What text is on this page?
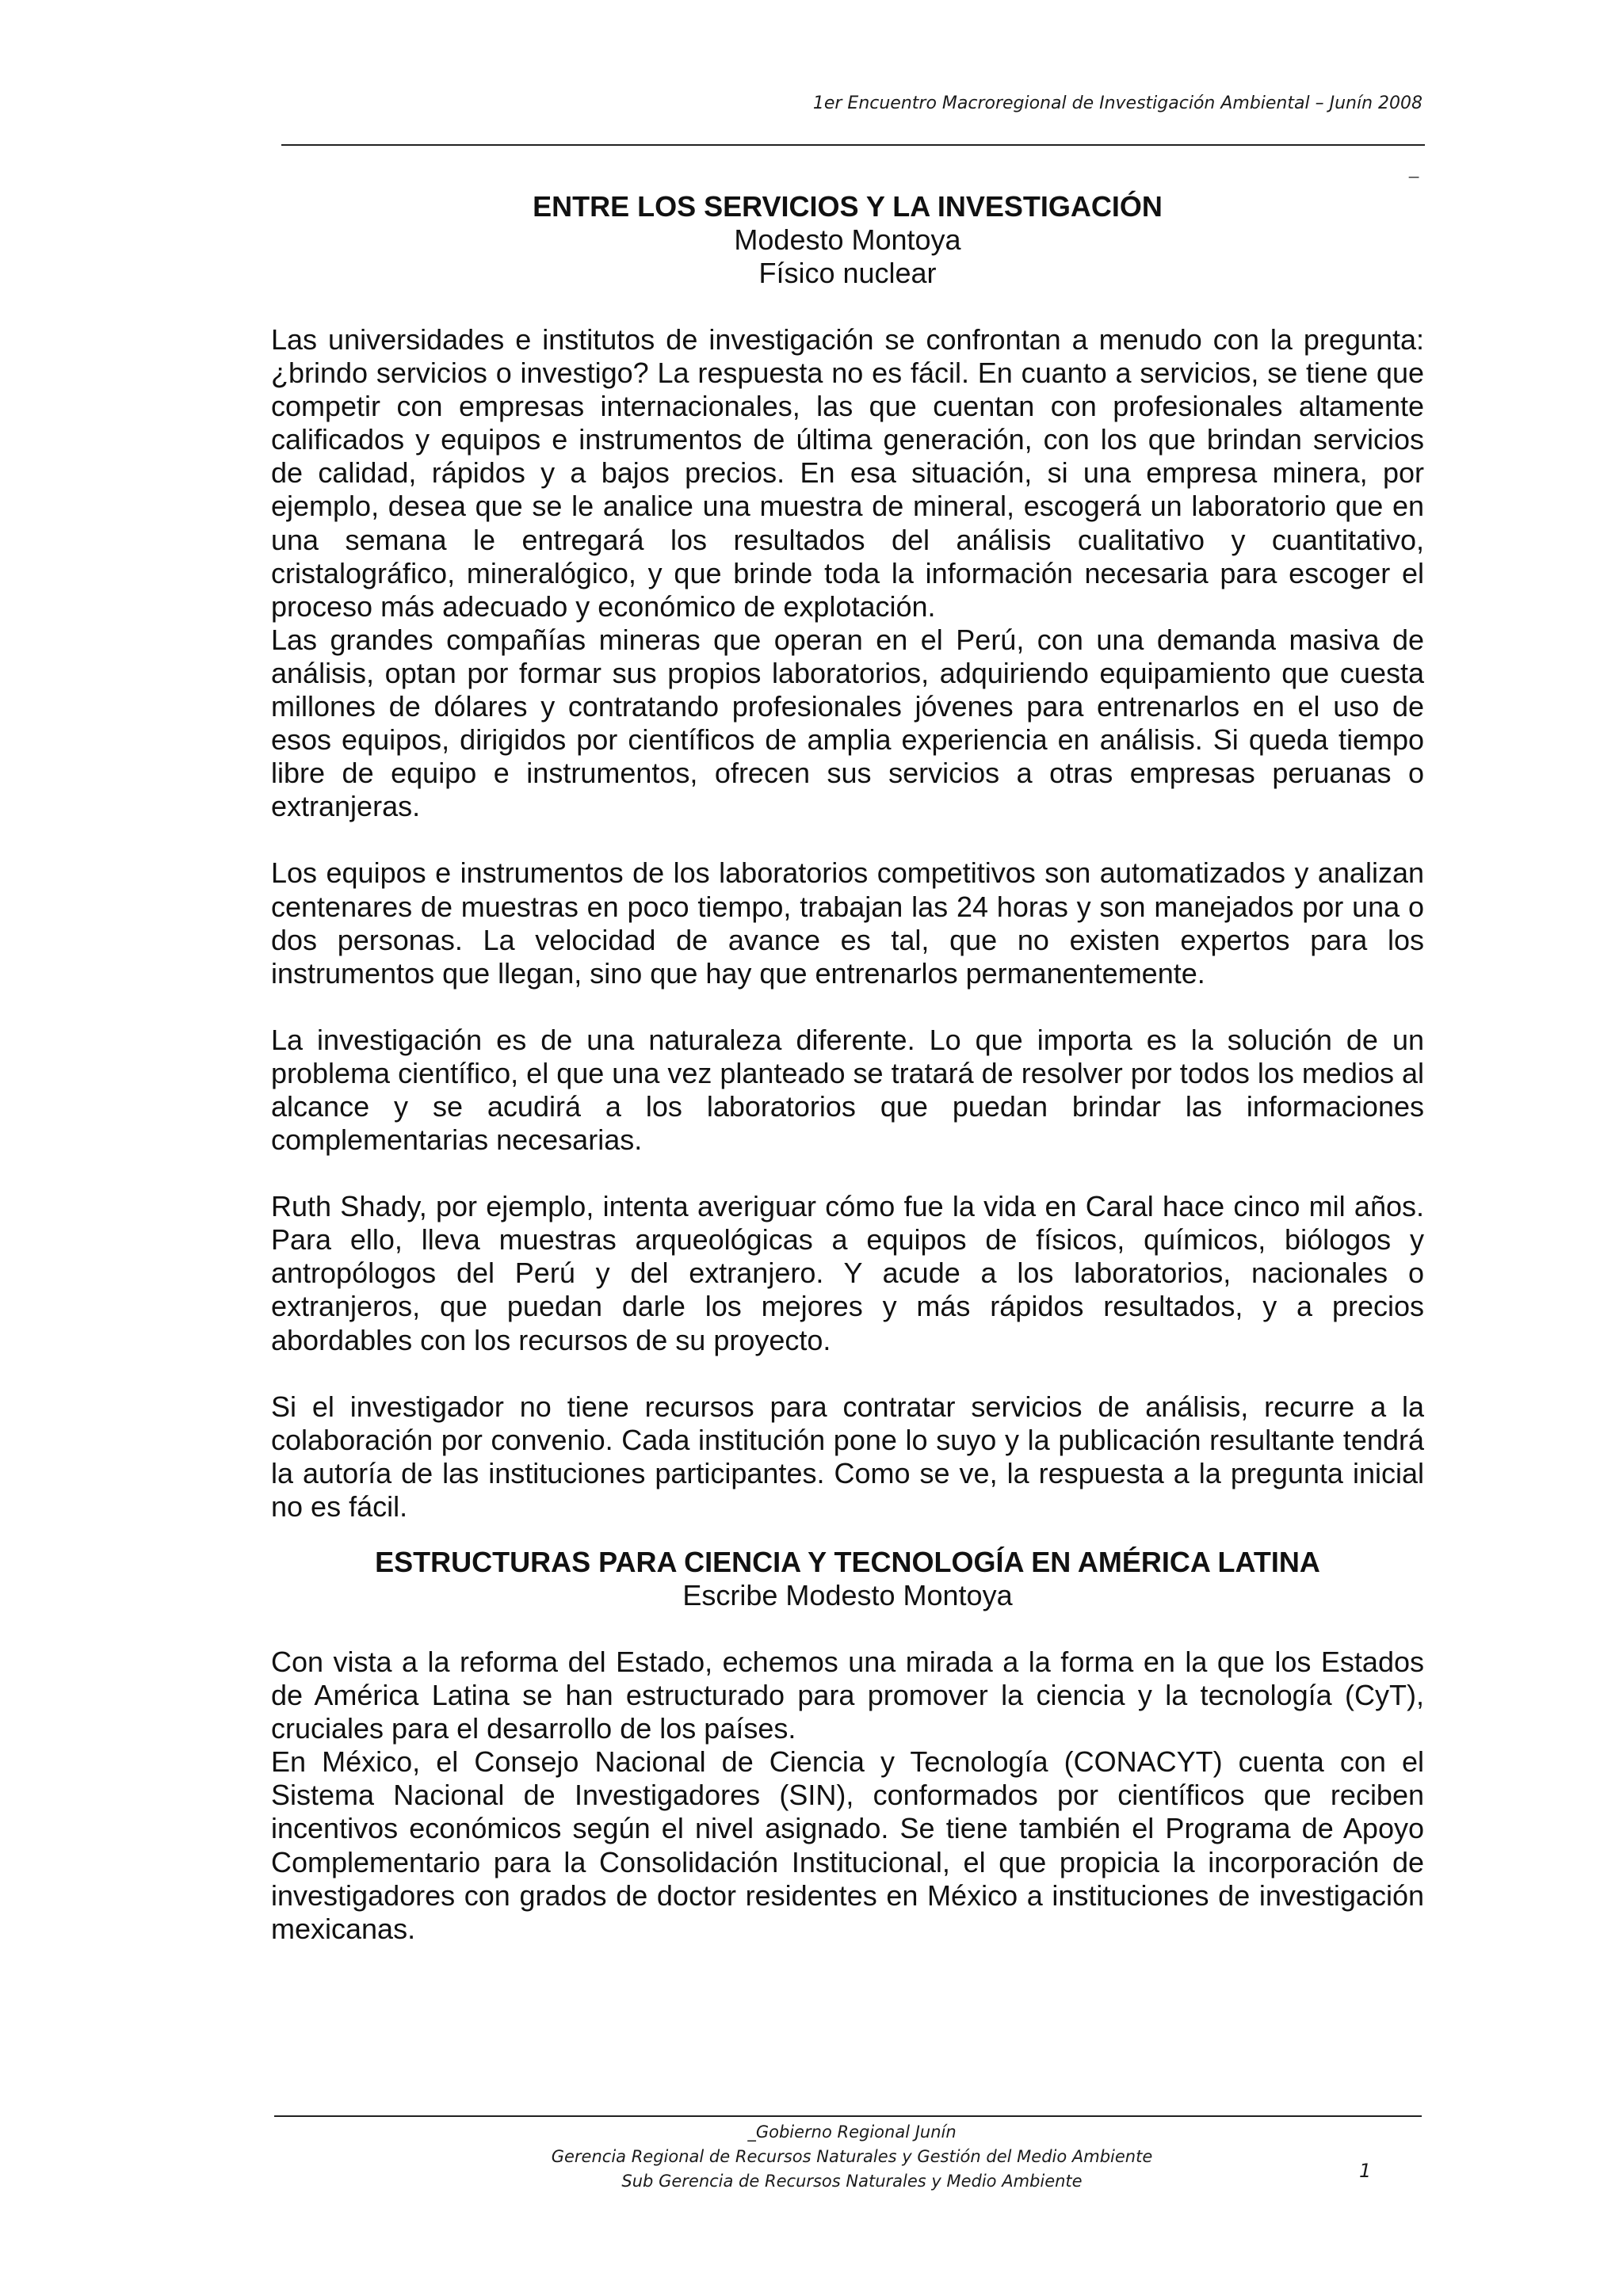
1er Encuentro Macroregional de Investigación Ambiental – Junín 2008
_
ENTRE LOS SERVICIOS Y LA INVESTIGACIÓN
Modesto Montoya
Físico nuclear

Las universidades e institutos de investigación se confrontan a menudo con la pregunta: ¿brindo servicios o investigo? La respuesta no es fácil. En cuanto a servicios, se tiene que competir con empresas internacionales, las que cuentan con profesionales altamente calificados y equipos e instrumentos de última generación, con los que brindan servicios de calidad, rápidos y a bajos precios. En esa situación, si una empresa minera, por ejemplo, desea que se le analice una muestra de mineral, escogerá un laboratorio que en una semana le entregará los resultados del análisis cualitativo y cuantitativo, cristalográfico, mineralógico, y que brinde toda la información necesaria para escoger el proceso más adecuado y económico de explotación.

Las grandes compañías mineras que operan en el Perú, con una demanda masiva de análisis, optan por formar sus propios laboratorios, adquiriendo equipamiento que cuesta millones de dólares y contratando profesionales jóvenes para entrenarlos en el uso de esos equipos, dirigidos por científicos de amplia experiencia en análisis. Si queda tiempo libre de equipo e instrumentos, ofrecen sus servicios a otras empresas peruanas o extranjeras.

Los equipos e instrumentos de los laboratorios competitivos son automatizados y analizan centenares de muestras en poco tiempo, trabajan las 24 horas y son manejados por una o dos personas. La velocidad de avance es tal, que no existen expertos para los instrumentos que llegan, sino que hay que entrenarlos permanentemente.

La investigación es de una naturaleza diferente. Lo que importa es la solución de un problema científico, el que una vez planteado se tratará de resolver por todos los medios al alcance y se acudirá a los laboratorios que puedan brindar las informaciones complementarias necesarias.

Ruth Shady, por ejemplo, intenta averiguar cómo fue la vida en Caral hace cinco mil años. Para ello, lleva muestras arqueológicas a equipos de físicos, químicos, biólogos y antropólogos del Perú y del extranjero. Y acude a los laboratorios, nacionales o extranjeros, que puedan darle los mejores y más rápidos resultados, y a precios abordables con los recursos de su proyecto.

Si el investigador no tiene recursos para contratar servicios de análisis, recurre a la colaboración por convenio. Cada institución pone lo suyo y la publicación resultante tendrá la autoría de las instituciones participantes. Como se ve, la respuesta a la pregunta inicial no es fácil.

ESTRUCTURAS PARA CIENCIA Y TECNOLOGÍA EN AMÉRICA LATINA
Escribe Modesto Montoya

Con vista a la reforma del Estado, echemos una mirada a la forma en la que los Estados de América Latina se han estructurado para promover la ciencia y la tecnología (CyT), cruciales para el desarrollo de los países.

En México, el Consejo Nacional de Ciencia y Tecnología (CONACYT) cuenta con el Sistema Nacional de Investigadores (SIN), conformados por científicos que reciben incentivos económicos según el nivel asignado. Se tiene también el Programa de Apoyo Complementario para la Consolidación Institucional, el que propicia la incorporación de investigadores con grados de doctor residentes en México a instituciones de investigación mexicanas.

_Gobierno Regional Junín
Gerencia Regional de Recursos Naturales y Gestión del Medio Ambiente
Sub Gerencia de Recursos Naturales y Medio Ambiente	1
